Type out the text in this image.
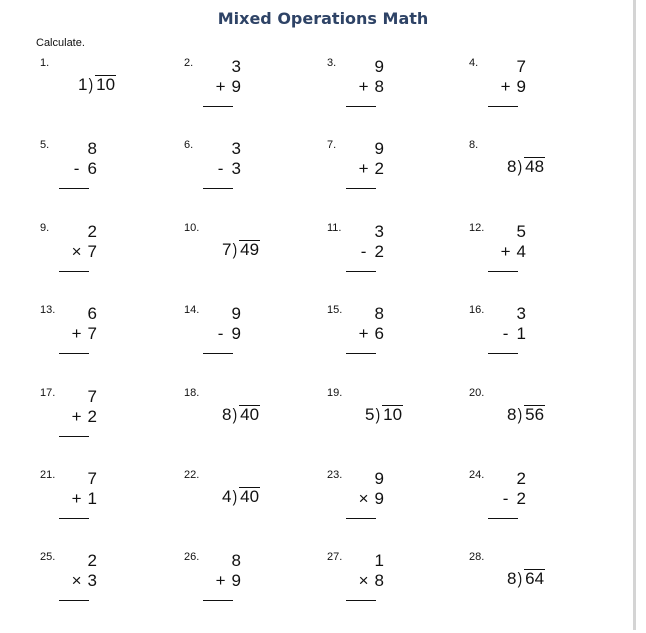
Mixed Operations Math
Calculate.
1.
1) 10
2. 3
+ 9
3. 9
+ 8
4. 7
+ 9
5. 8
- 6
6. 3
- 3
7. 9
+ 2
8.
8) 48
9. 2
× 7
10.
7) 49
11. 3
- 2
12. 5
+ 4
13. 6
+ 7
14. 9
- 9
15. 8
+ 6
16. 3
- 1
17. 7
+ 2
18.
8) 40
19.
5) 10
20.
8) 56
21. 7
+ 1
22.
4) 40
23. 9
× 9
24. 2
- 2
25. 2
× 3
26. 8
+ 9
27. 1
× 8
28.
8) 64
